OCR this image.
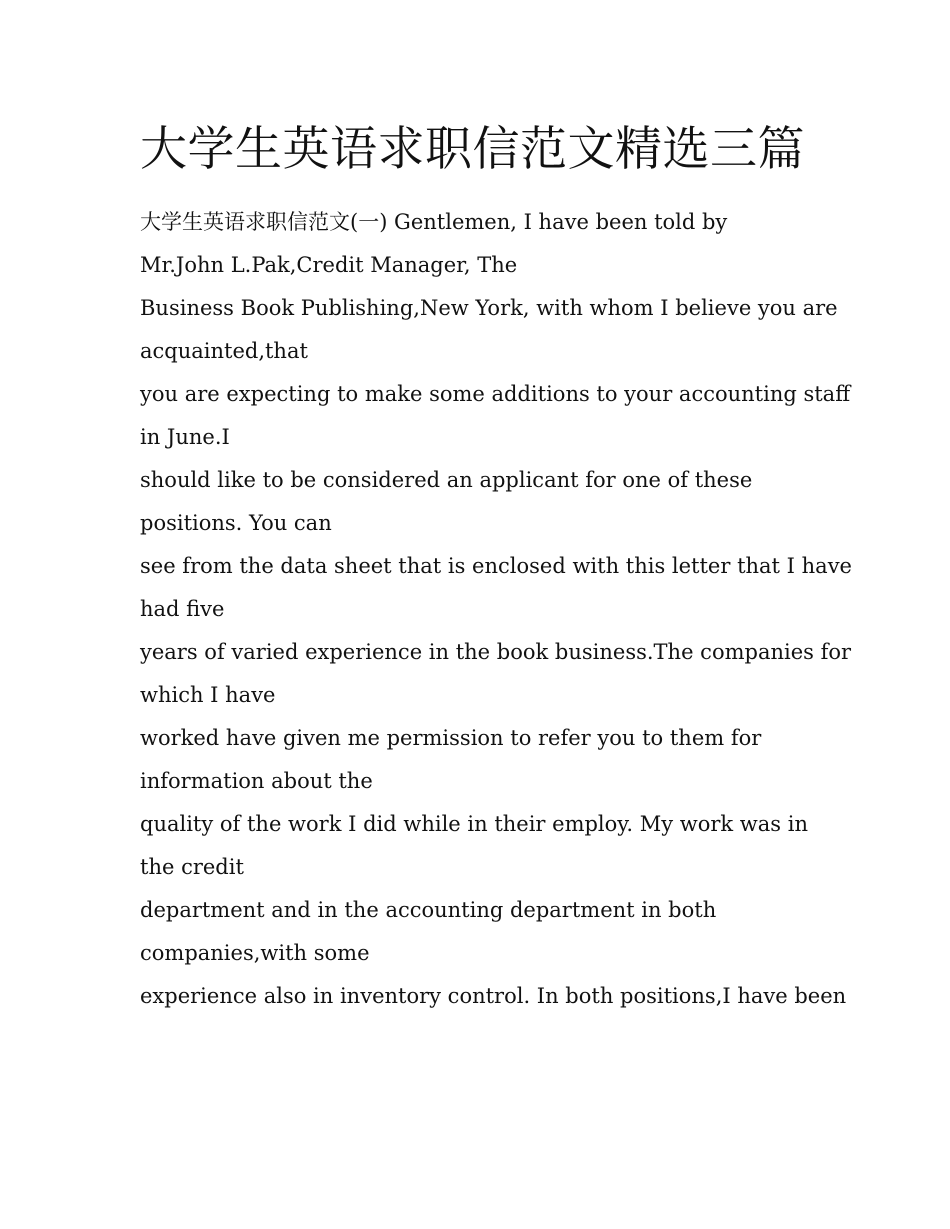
大学生英语求职信范文精选三篇
大学生英语求职信范文(一) Gentlemen, I have been told by
Mr.John L.Pak,Credit Manager, The
Business Book Publishing,New York, with whom I believe you are
acquainted,that
you are expecting to make some additions to your accounting staff
in June.I
should like to be considered an applicant for one of these
positions. You can
see from the data sheet that is enclosed with this letter that I have
had five
years of varied experience in the book business.The companies for
which I have
worked have given me permission to refer you to them for
information about the
quality of the work I did while in their employ. My work was in
the credit
department and in the accounting department in both
companies,with some
experience also in inventory control. In both positions,I have been
